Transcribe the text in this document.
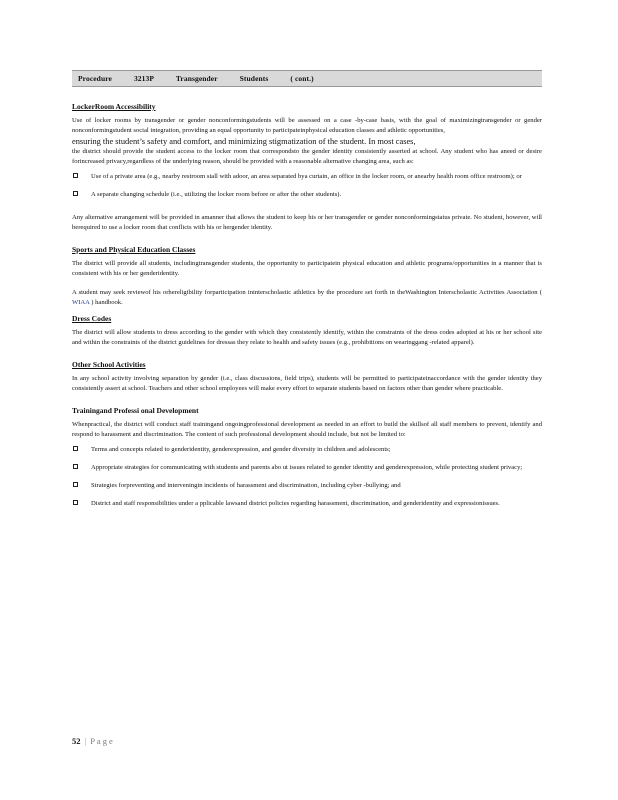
Procedure	3213P	Transgender	Students	( cont.)
LockerRoom Accessibility

Use of locker rooms by transgender or gender nonconformingstudents will be assessed on a case -by-case basis, with the goal of maximizingtransgender or gender nonconformingstudent social integration, providing an equal opportunity to participateinphysical education classes and athletic opportunities,

ensuring the student’s safety and comfort, and minimizing stigmatization of the student. In most cases,

the district should provide the student access to the locker room that correspondsto the gender identity consistently asserted at school. Any student who has aneed or desire forincreased privacy,regardless of the underlying reason, should be provided with a reasonable alternative changing area, such as:

Use of a private area (e.g., nearby restroom stall with adoor, an area separated bya curtain, an office in the locker room, or anearby health room office restroom); or
A separate changing schedule (i.e., utilizing the locker room before or after the other students).

Any alternative arrangement will be provided in amanner that allows the student to keep his or her transgender or gender nonconformingstatus private. No student, however, will berequired to use a locker room that conflicts with his or hergender identity.

Sports and Physical Education Classes

The district will provide all students, includingtransgender students, the opportunity to participatein physical education and athletic programs/opportunities in a manner that is consistent with his or her genderidentity.

A student may seek reviewof his orhereligibility forparticipation ininterscholastic athletics by the procedure set forth in theWashington Interscholastic Activities Association ( WIAA ) handbook.

Dress Codes

The district will allow students to dress according to the gender with which they consistently identify, within the constraints of the dress codes adopted at his or her school site and within the constraints of the district guidelines for dressas they relate to health and safety issues (e.g., prohibitions on wearinggang -related apparel).

Other School Activities

In any school activity involving separation by gender (i.e., class discussions, field trips), students will be permitted to participateinaccordance with the gender identity they consistently assert at school. Teachers and other school employees will make every effort to separate students based on factors other than gender where practicable.

Trainingand Professi onal Development

Whenpractical, the district will conduct staff trainingand ongoingprofessional development as needed in an effort to build the skillsof all staff members to prevent, identify and respond to harassment and discrimination. The content of such professional development should include, but not be limited to:

Terms and concepts related to genderidentity, genderexpression, and gender diversity in children and adolescents;
Appropriate strategies for communicating with students and parents abo ut issues related to gender identity and genderexpression, while protecting student privacy;
Strategies forpreventing and interveningin incidents of harassment and discrimination, including cyber -bullying; and
District and staff responsibilities under a pplicable lawsand district policies regarding harassment, discrimination, and genderidentity and expressionissues.
52 | Page
